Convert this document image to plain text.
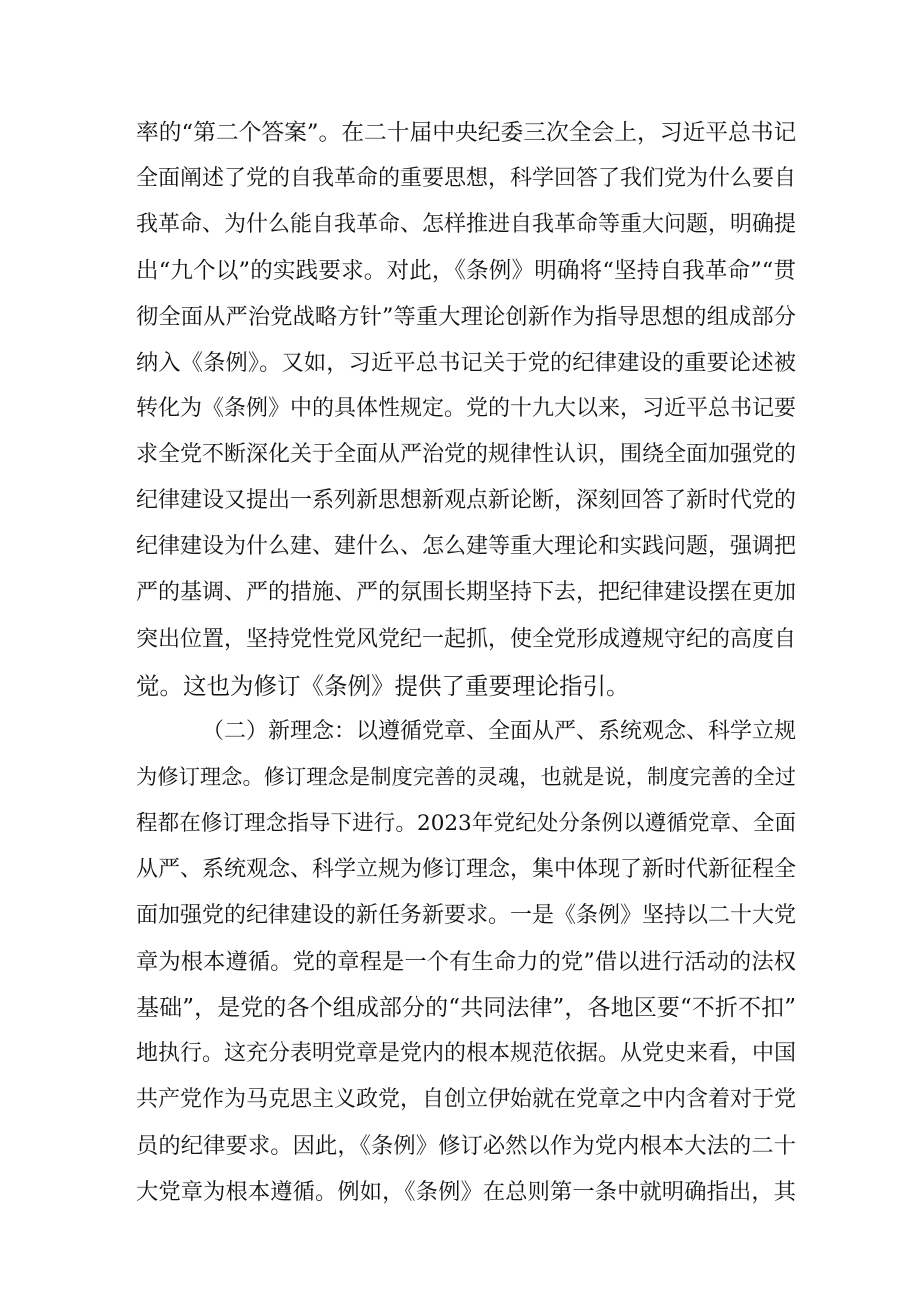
率的“第二个答案”。在二十届中央纪委三次全会上，习近平总书记
全面阐述了党的自我革命的重要思想，科学回答了我们党为什么要自
我革命、为什么能自我革命、怎样推进自我革命等重大问题，明确提
出“九个以”的实践要求。对此，《条例》明确将“坚持自我革命”“贯
彻全面从严治党战略方针”等重大理论创新作为指导思想的组成部分
纳入《条例》。又如，习近平总书记关于党的纪律建设的重要论述被
转化为《条例》中的具体性规定。党的十九大以来，习近平总书记要
求全党不断深化关于全面从严治党的规律性认识，围绕全面加强党的
纪律建设又提出一系列新思想新观点新论断，深刻回答了新时代党的
纪律建设为什么建、建什么、怎么建等重大理论和实践问题，强调把
严的基调、严的措施、严的氛围长期坚持下去，把纪律建设摆在更加
突出位置，坚持党性党风党纪一起抓，使全党形成遵规守纪的高度自
觉。这也为修订《条例》提供了重要理论指引。
（二）新理念：以遵循党章、全面从严、系统观念、科学立规
为修订理念。修订理念是制度完善的灵魂，也就是说，制度完善的全过
程都在修订理念指导下进行。2023年党纪处分条例以遵循党章、全面
从严、系统观念、科学立规为修订理念，集中体现了新时代新征程全
面加强党的纪律建设的新任务新要求。一是《条例》坚持以二十大党
章为根本遵循。党的章程是一个有生命力的党”借以进行活动的法权
基础”，是党的各个组成部分的“共同法律”，各地区要“不折不扣”
地执行。这充分表明党章是党内的根本规范依据。从党史来看，中国
共产党作为马克思主义政党，自创立伊始就在党章之中内含着对于党
员的纪律要求。因此，《条例》修订必然以作为党内根本大法的二十
大党章为根本遵循。例如，《条例》在总则第一条中就明确指出，其
